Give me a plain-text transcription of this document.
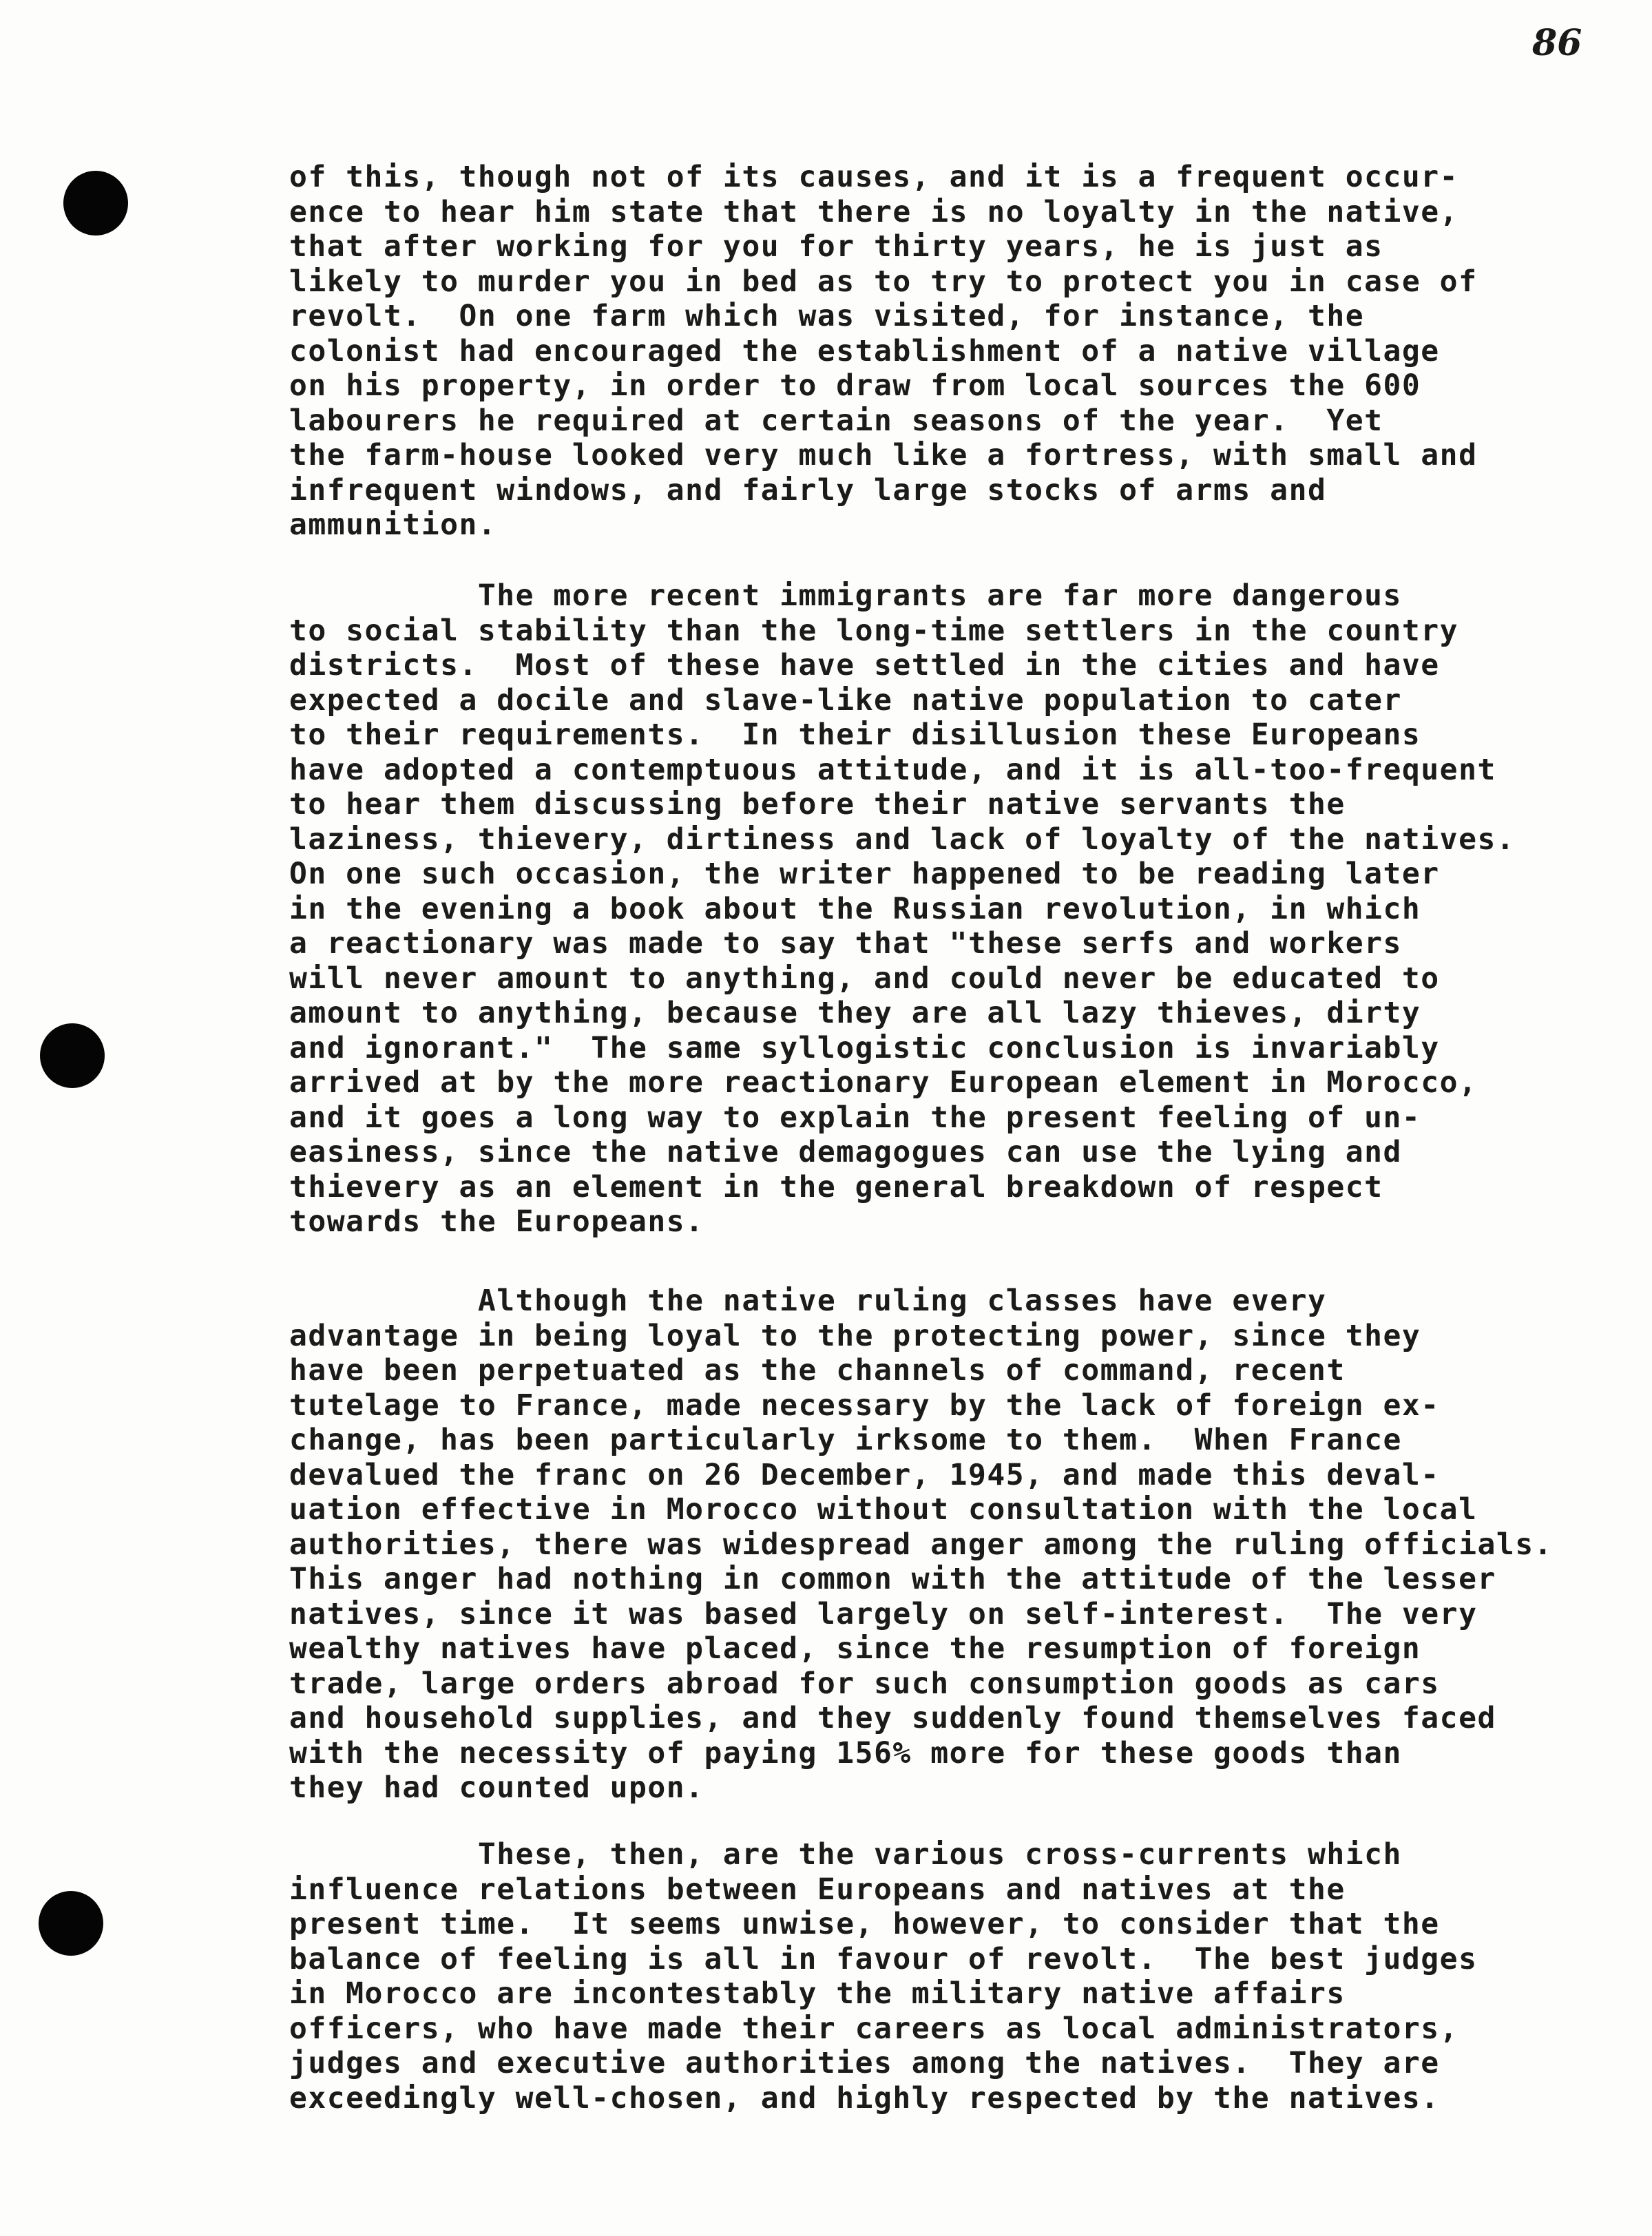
86
of this, though not of its causes, and it is a frequent occur-
ence to hear him state that there is no loyalty in the native,
that after working for you for thirty years, he is just as
likely to murder you in bed as to try to protect you in case of
revolt.  On one farm which was visited, for instance, the
colonist had encouraged the establishment of a native village
on his property, in order to draw from local sources the 600
labourers he required at certain seasons of the year.  Yet
the farm-house looked very much like a fortress, with small and
infrequent windows, and fairly large stocks of arms and
ammunition.
The more recent immigrants are far more dangerous
to social stability than the long-time settlers in the country
districts.  Most of these have settled in the cities and have
expected a docile and slave-like native population to cater
to their requirements.  In their disillusion these Europeans
have adopted a contemptuous attitude, and it is all-too-frequent
to hear them discussing before their native servants the
laziness, thievery, dirtiness and lack of loyalty of the natives.
On one such occasion, the writer happened to be reading later
in the evening a book about the Russian revolution, in which
a reactionary was made to say that "these serfs and workers
will never amount to anything, and could never be educated to
amount to anything, because they are all lazy thieves, dirty
and ignorant."  The same syllogistic conclusion is invariably
arrived at by the more reactionary European element in Morocco,
and it goes a long way to explain the present feeling of un-
easiness, since the native demagogues can use the lying and
thievery as an element in the general breakdown of respect
towards the Europeans.
Although the native ruling classes have every
advantage in being loyal to the protecting power, since they
have been perpetuated as the channels of command, recent
tutelage to France, made necessary by the lack of foreign ex-
change, has been particularly irksome to them.  When France
devalued the franc on 26 December, 1945, and made this deval-
uation effective in Morocco without consultation with the local
authorities, there was widespread anger among the ruling officials.
This anger had nothing in common with the attitude of the lesser
natives, since it was based largely on self-interest.  The very
wealthy natives have placed, since the resumption of foreign
trade, large orders abroad for such consumption goods as cars
and household supplies, and they suddenly found themselves faced
with the necessity of paying 156% more for these goods than
they had counted upon.
These, then, are the various cross-currents which
influence relations between Europeans and natives at the
present time.  It seems unwise, however, to consider that the
balance of feeling is all in favour of revolt.  The best judges
in Morocco are incontestably the military native affairs
officers, who have made their careers as local administrators,
judges and executive authorities among the natives.  They are
exceedingly well-chosen, and highly respected by the natives.
